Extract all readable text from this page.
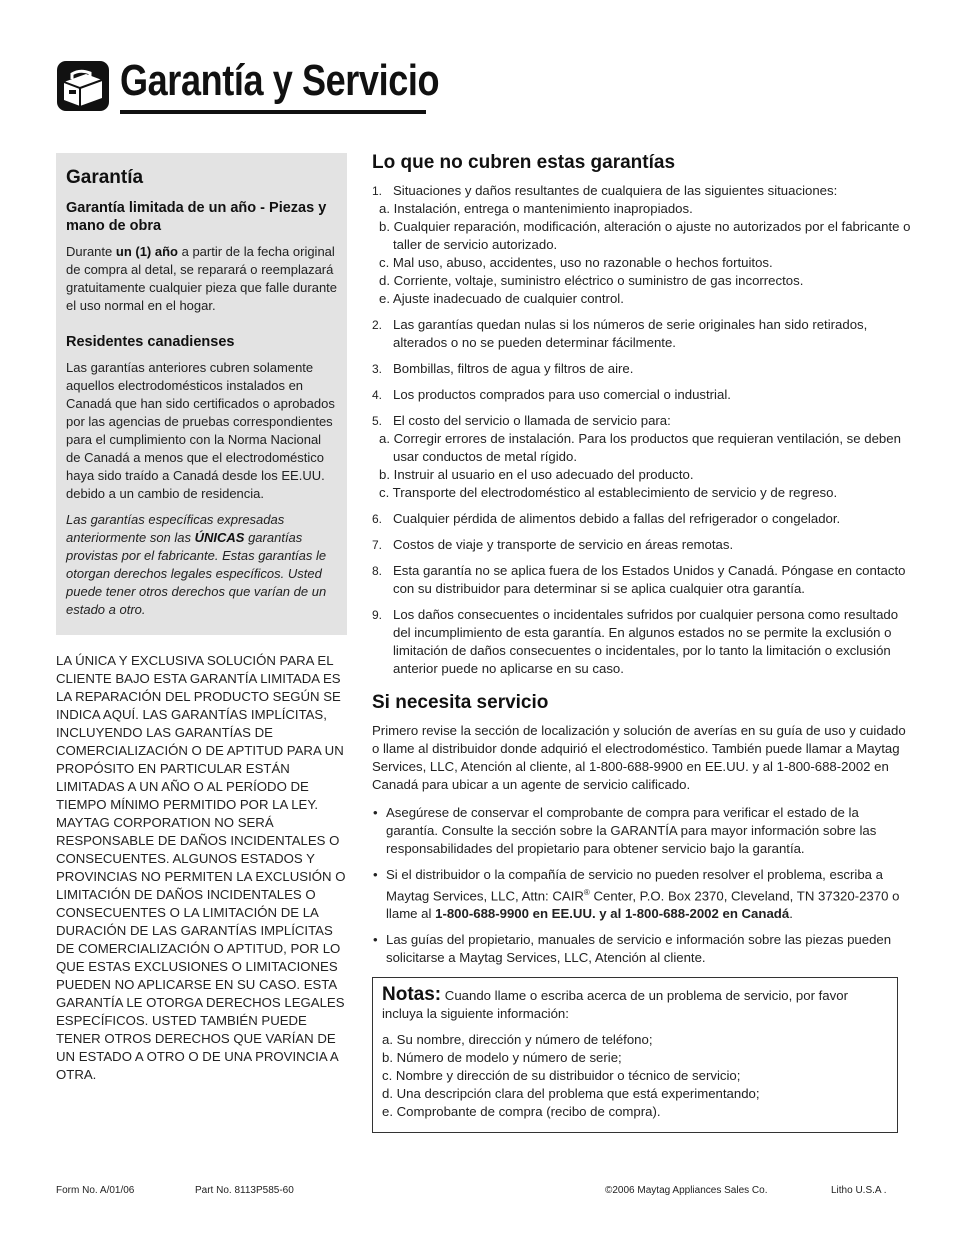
Garantía y Servicio
Garantía
Garantía limitada de un año - Piezas y mano de obra

Durante un (1) año a partir de la fecha original de compra al detal, se reparará o reemplazará gratuitamente cualquier pieza que falle durante el uso normal en el hogar.

Residentes canadienses

Las garantías anteriores cubren solamente aquellos electrodomésticos instalados en Canadá que han sido certificados o aprobados por las agencias de pruebas correspondientes para el cumplimiento con la Norma Nacional de Canadá a menos que el electrodoméstico haya sido traído a Canadá desde los EE.UU. debido a un cambio de residencia.

Las garantías específicas expresadas anteriormente son las ÚNICAS garantías provistas por el fabricante. Estas garantías le otorgan derechos legales específicos. Usted puede tener otros derechos que varían de un estado a otro.

LA ÚNICA Y EXCLUSIVA SOLUCIÓN PARA EL CLIENTE BAJO ESTA GARANTÍA LIMITADA ES LA REPARACIÓN DEL PRODUCTO SEGÚN SE INDICA AQUÍ. LAS GARANTÍAS IMPLÍCITAS, INCLUYENDO LAS GARANTÍAS DE COMERCIALIZACIÓN O DE APTITUD PARA UN PROPÓSITO EN PARTICULAR ESTÁN LIMITADAS A UN AÑO O AL PERÍODO DE TIEMPO MÍNIMO PERMITIDO POR LA LEY. MAYTAG CORPORATION NO SERÁ RESPONSABLE DE DAÑOS INCIDENTALES O CONSECUENTES. ALGUNOS ESTADOS Y PROVINCIAS NO PERMITEN LA EXCLUSIÓN O LIMITACIÓN DE DAÑOS INCIDENTALES O CONSECUENTES O LA LIMITACIÓN DE LA DURACIÓN DE LAS GARANTÍAS IMPLÍCITAS DE COMERCIALIZACIÓN O APTITUD, POR LO QUE ESTAS EXCLUSIONES O LIMITACIONES PUEDEN NO APLICARSE EN SU CASO. ESTA GARANTÍA LE OTORGA DERECHOS LEGALES ESPECÍFICOS. USTED TAMBIÉN PUEDE TENER OTROS DERECHOS QUE VARÍAN DE UN ESTADO A OTRO O DE UNA PROVINCIA A OTRA.
Lo que no cubren estas garantías
1. Situaciones y daños resultantes de cualquiera de las siguientes situaciones:
a. Instalación, entrega o mantenimiento inapropiados.
b. Cualquier reparación, modificación, alteración o ajuste no autorizados por el fabricante o taller de servicio autorizado.
c. Mal uso, abuso, accidentes, uso no razonable o hechos fortuitos.
d. Corriente, voltaje, suministro eléctrico o suministro de gas incorrectos.
e. Ajuste inadecuado de cualquier control.
2. Las garantías quedan nulas si los números de serie originales han sido retirados, alterados o no se pueden determinar fácilmente.
3. Bombillas, filtros de agua y filtros de aire.
4. Los productos comprados para uso comercial o industrial.
5. El costo del servicio o llamada de servicio para:
a. Corregir errores de instalación. Para los productos que requieran ventilación, se deben usar conductos de metal rígido.
b. Instruir al usuario en el uso adecuado del producto.
c. Transporte del electrodoméstico al establecimiento de servicio y de regreso.
6. Cualquier pérdida de alimentos debido a fallas del refrigerador o congelador.
7. Costos de viaje y transporte de servicio en áreas remotas.
8. Esta garantía no se aplica fuera de los Estados Unidos y Canadá. Póngase en contacto con su distribuidor para determinar si se aplica cualquier otra garantía.
9. Los daños consecuentes o incidentales sufridos por cualquier persona como resultado del incumplimiento de esta garantía. En algunos estados no se permite la exclusión o limitación de daños consecuentes o incidentales, por lo tanto la limitación o exclusión anterior puede no aplicarse en su caso.
Si necesita servicio

Primero revise la sección de localización y solución de averías en su guía de uso y cuidado o llame al distribuidor donde adquirió el electrodoméstico. También puede llamar a Maytag Services, LLC, Atención al cliente, al 1-800-688-9900 en EE.UU. y al 1-800-688-2002 en Canadá para ubicar a un agente de servicio calificado.

• Asegúrese de conservar el comprobante de compra para verificar el estado de la garantía. Consulte la sección sobre la GARANTÍA para mayor información sobre las responsabilidades del propietario para obtener servicio bajo la garantía.
• Si el distribuidor o la compañía de servicio no pueden resolver el problema, escriba a Maytag Services, LLC, Attn: CAIR® Center, P.O. Box 2370, Cleveland, TN 37320-2370 o llame al 1-800-688-9900 en EE.UU. y al 1-800-688-2002 en Canadá.
• Las guías del propietario, manuales de servicio e información sobre las piezas pueden solicitarse a Maytag Services, LLC, Atención al cliente.

Notas: Cuando llame o escriba acerca de un problema de servicio, por favor incluya la siguiente información:

a. Su nombre, dirección y número de teléfono;
b. Número de modelo y número de serie;
c. Nombre y dirección de su distribuidor o técnico de servicio;
d. Una descripción clara del problema que está experimentando;
e. Comprobante de compra (recibo de compra).
Form No. A/01/06	Part No. 8113P585-60	©2006 Maytag Appliances Sales Co.	Litho U.S.A .
